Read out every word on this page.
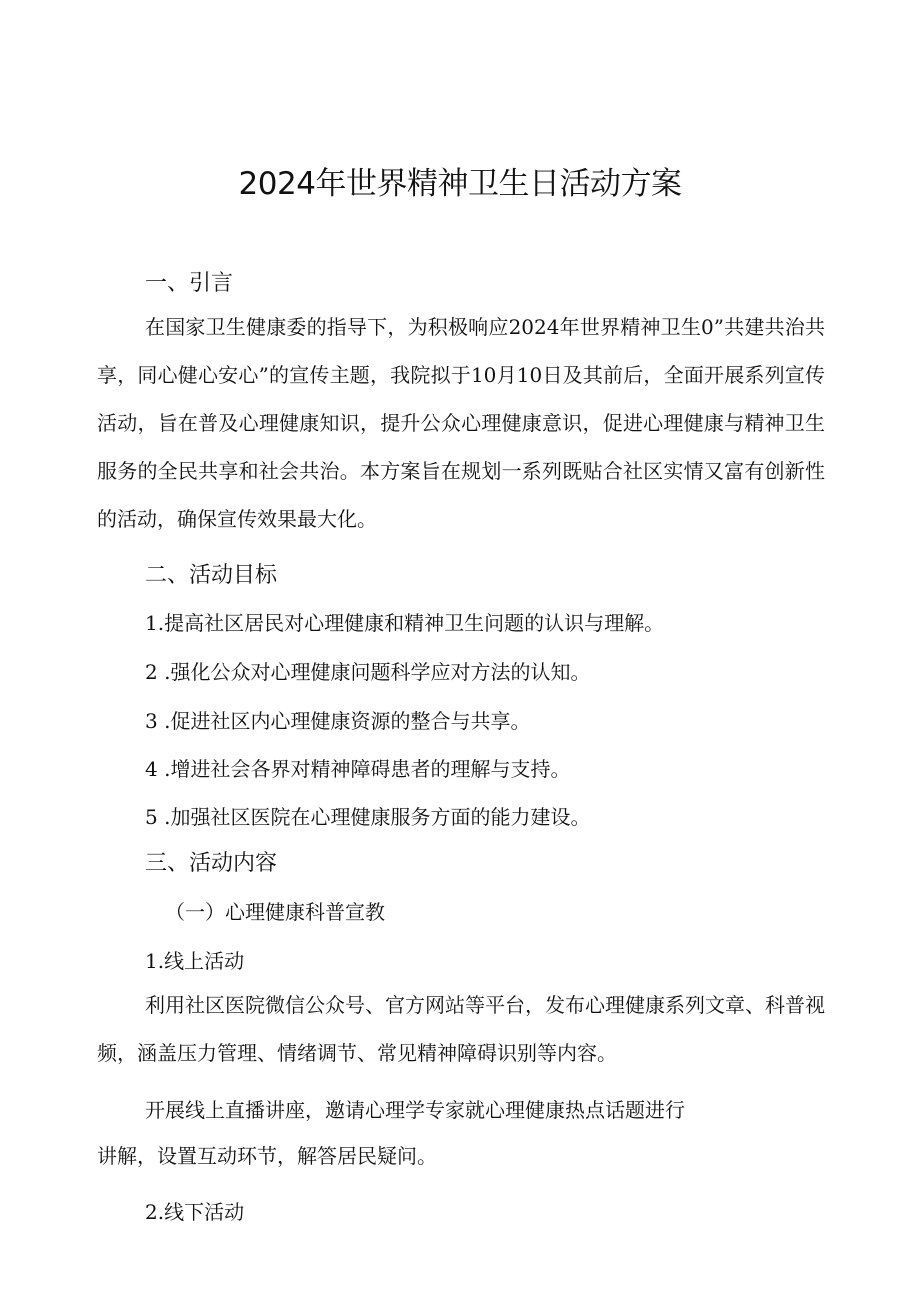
2024年世界精神卫生日活动方案
一、引言

在国家卫生健康委的指导下，为积极响应2024年世界精神卫生0”共建共治共享，同心健心安心”的宣传主题，我院拟于10月10日及其前后，全面开展系列宣传活动，旨在普及心理健康知识，提升公众心理健康意识，促进心理健康与精神卫生服务的全民共享和社会共治。本方案旨在规划一系列既贴合社区实情又富有创新性的活动，确保宣传效果最大化。

二、活动目标
1.提高社区居民对心理健康和精神卫生问题的认识与理解。
2 .强化公众对心理健康问题科学应对方法的认知。
3 .促进社区内心理健康资源的整合与共享。
4 .增进社会各界对精神障碍患者的理解与支持。
5 .加强社区医院在心理健康服务方面的能力建设。
三、活动内容
（一）心理健康科普宣教
1.线上活动

利用社区医院微信公众号、官方网站等平台，发布心理健康系列文章、科普视频，涵盖压力管理、情绪调节、常见精神障碍识别等内容。

开展线上直播讲座，邀请心理学专家就心理健康热点话题进行
讲解，设置互动环节，解答居民疑问。
2.线下活动
